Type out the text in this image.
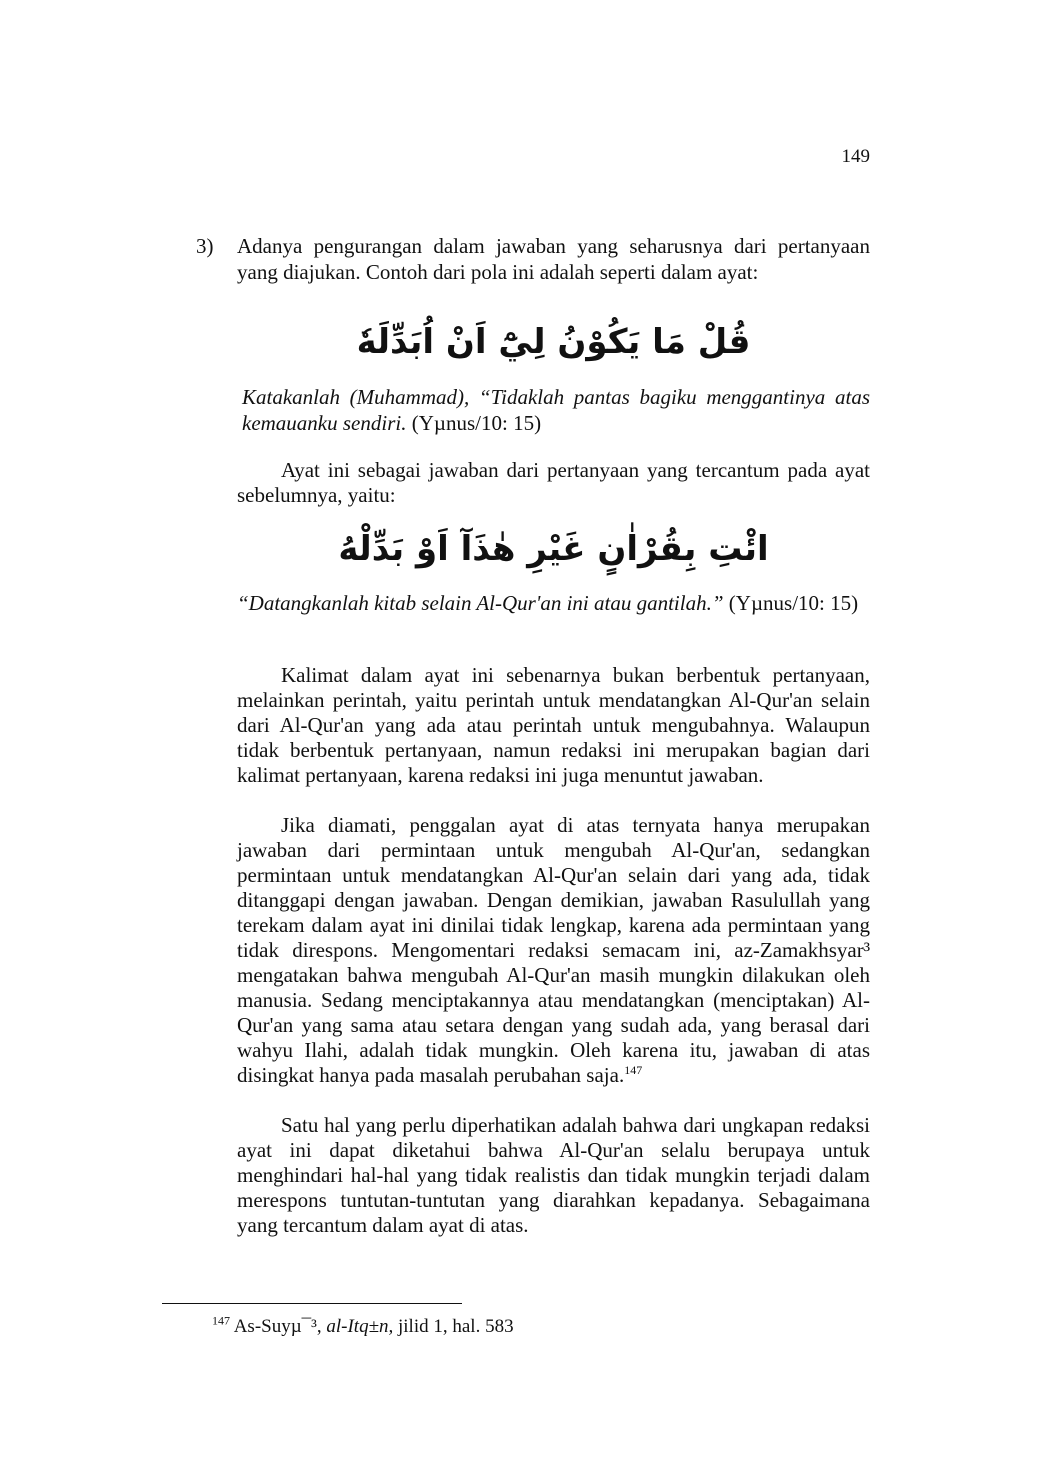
149
3) Adanya pengurangan dalam jawaban yang seharusnya dari pertanyaan yang diajukan. Contoh dari pola ini adalah seperti dalam ayat:
قُلْ مَا يَكُوْنُ لِيْٓ اَنْ اُبَدِّلَهٗ
Katakanlah (Muhammad), “Tidaklah pantas bagiku menggantinya atas kemauanku sendiri. (Yµnus/10: 15)
Ayat ini sebagai jawaban dari pertanyaan yang tercantum pada ayat sebelumnya, yaitu:
ائْتِ بِقُرْاٰنٍ غَيْرِ هٰذَآ اَوْ بَدِّلْهُ
“Datangkanlah kitab selain Al-Qur'an ini atau gantilah.” (Yµnus/10: 15)
Kalimat dalam ayat ini sebenarnya bukan berbentuk pertanyaan, melainkan perintah, yaitu perintah untuk mendatangkan Al-Qur'an selain dari Al-Qur'an yang ada atau perintah untuk mengubahnya. Walaupun tidak berbentuk pertanyaan, namun redaksi ini merupakan bagian dari kalimat pertanyaan, karena redaksi ini juga menuntut jawaban.
Jika diamati, penggalan ayat di atas ternyata hanya merupakan jawaban dari permintaan untuk mengubah Al-Qur'an, sedangkan permintaan untuk mendatangkan Al-Qur'an selain dari yang ada, tidak ditanggapi dengan jawaban. Dengan demikian, jawaban Rasulullah yang terekam dalam ayat ini dinilai tidak lengkap, karena ada permintaan yang tidak direspons. Mengomentari redaksi semacam ini, az-Zamakhsyar³ mengatakan bahwa mengubah Al-Qur'an masih mungkin dilakukan oleh manusia. Sedang menciptakannya atau mendatangkan (menciptakan) Al-Qur'an yang sama atau setara dengan yang sudah ada, yang berasal dari wahyu Ilahi, adalah tidak mungkin. Oleh karena itu, jawaban di atas disingkat hanya pada masalah perubahan saja.$^{147}$
Satu hal yang perlu diperhatikan adalah bahwa dari ungkapan redaksi ayat ini dapat diketahui bahwa Al-Qur'an selalu berupaya untuk menghindari hal-hal yang tidak realistis dan tidak mungkin terjadi dalam merespons tuntutan-tuntutan yang diarahkan kepadanya. Sebagaimana yang tercantum dalam ayat di atas.
$^{147}$ As-Suyµ¯³, al-Itq±n, jilid 1, hal. 583
